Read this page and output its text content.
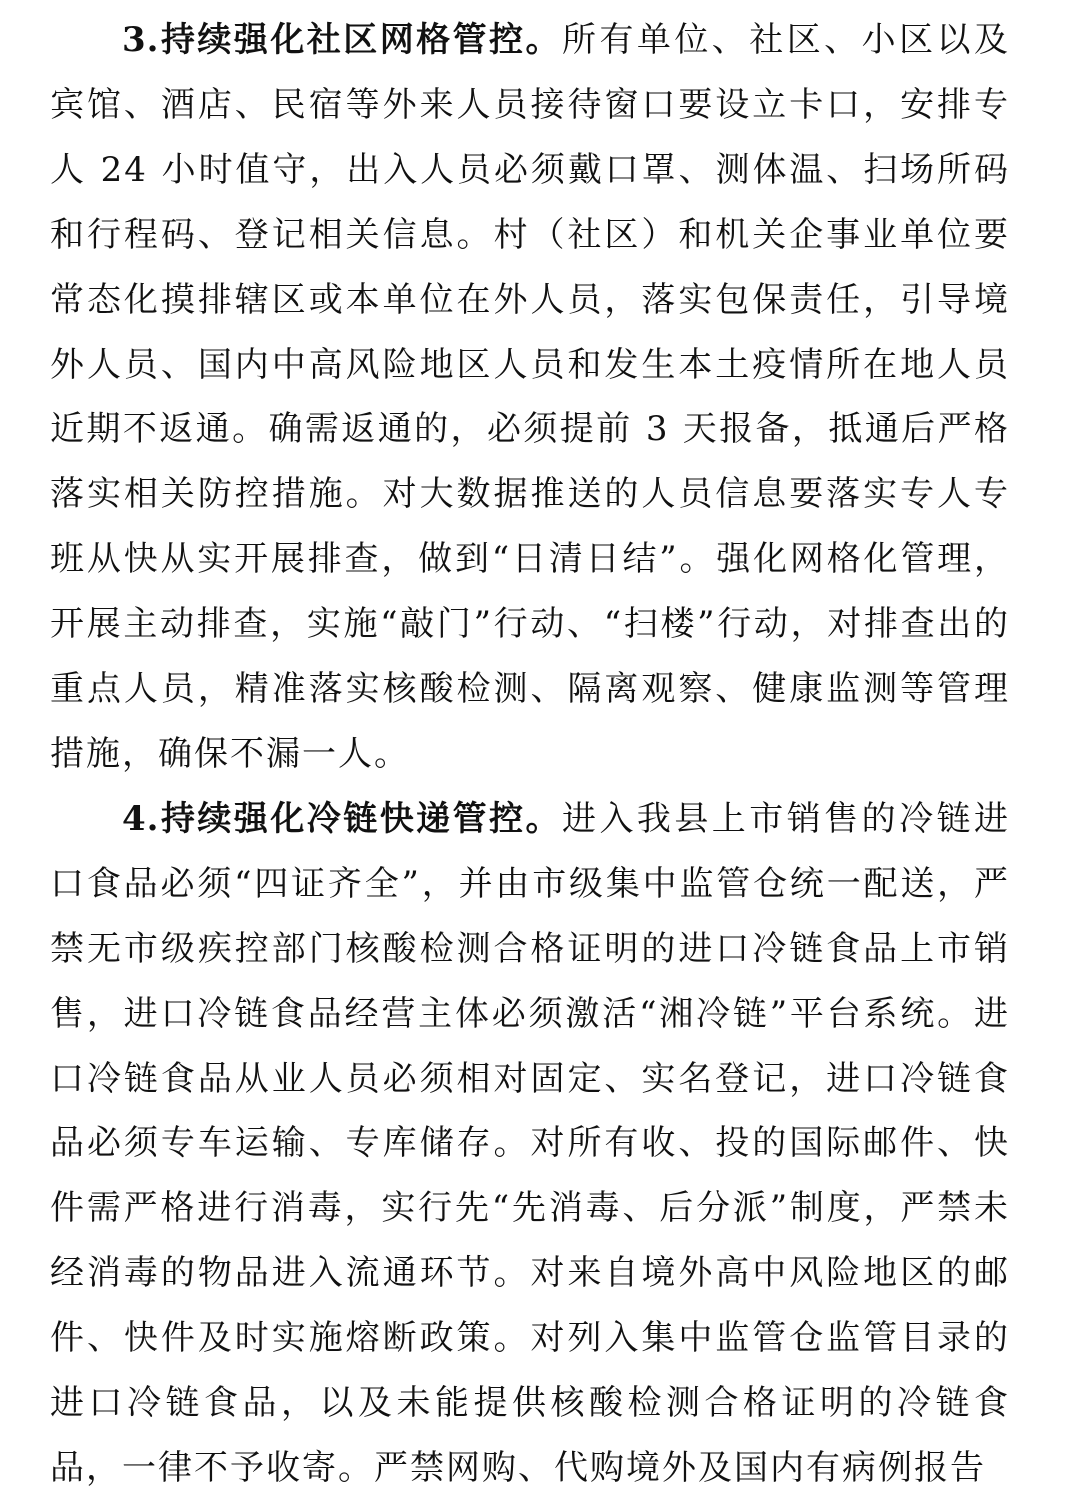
3.持续强化社区网格管控。所有单位、社区、小区以及宾馆、酒店、民宿等外来人员接待窗口要设立卡口，安排专人 24 小时值守，出入人员必须戴口罩、测体温、扫场所码和行程码、登记相关信息。村（社区）和机关企事业单位要常态化摸排辖区或本单位在外人员，落实包保责任，引导境外人员、国内中高风险地区人员和发生本土疫情所在地人员近期不返通。确需返通的，必须提前 3 天报备，抵通后严格落实相关防控措施。对大数据推送的人员信息要落实专人专班从快从实开展排查，做到“日清日结”。强化网格化管理，开展主动排查，实施“敲门”行动、“扫楼”行动，对排查出的重点人员，精准落实核酸检测、隔离观察、健康监测等管理措施，确保不漏一人。

4.持续强化冷链快递管控。进入我县上市销售的冷链进口食品必须“四证齐全”，并由市级集中监管仓统一配送，严禁无市级疾控部门核酸检测合格证明的进口冷链食品上市销售，进口冷链食品经营主体必须激活“湘冷链”平台系统。进口冷链食品从业人员必须相对固定、实名登记，进口冷链食品必须专车运输、专库储存。对所有收、投的国际邮件、快件需严格进行消毒，实行先“先消毒、后分派”制度，严禁未经消毒的物品进入流通环节。对来自境外高中风险地区的邮件、快件及时实施熔断政策。对列入集中监管仓监管目录的进口冷链食品，以及未能提供核酸检测合格证明的冷链食品，一律不予收寄。严禁网购、代购境外及国内有病例报告
